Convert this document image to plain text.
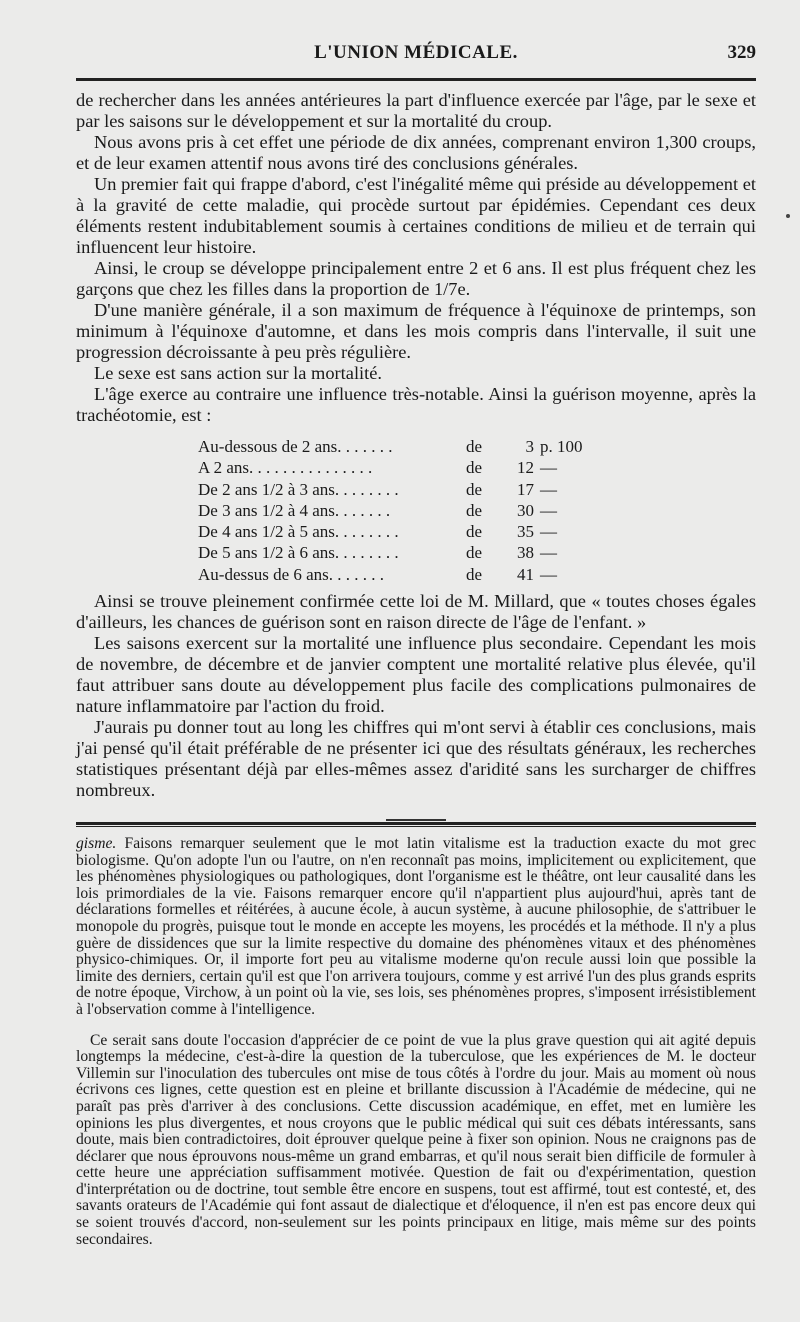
L'UNION MÉDICALE.	329

de rechercher dans les années antérieures la part d'influence exercée par l'âge, par le sexe et par les saisons sur le développement et sur la mortalité du croup.

Nous avons pris à cet effet une période de dix années, comprenant environ 1,300 croups, et de leur examen attentif nous avons tiré des conclusions générales.

Un premier fait qui frappe d'abord, c'est l'inégalité même qui préside au développement et à la gravité de cette maladie, qui procède surtout par épidémies. Cependant ces deux éléments restent indubitablement soumis à certaines conditions de milieu et de terrain qui influencent leur histoire.

Ainsi, le croup se développe principalement entre 2 et 6 ans. Il est plus fréquent chez les garçons que chez les filles dans la proportion de 1/7e.

D'une manière générale, il a son maximum de fréquence à l'équinoxe de printemps, son minimum à l'équinoxe d'automne, et dans les mois compris dans l'intervalle, il suit une progression décroissante à peu près régulière.

Le sexe est sans action sur la mortalité.

L'âge exerce au contraire une influence très-notable. Ainsi la guérison moyenne, après la trachéotomie, est :

Au-dessous de 2 ans. . . . . . .	de	3	p. 100
A 2 ans. . . . . . . . . . . . . . .	de	12	—
De 2 ans 1/2 à 3 ans. . . . . . . .	de	17	—
De 3 ans 1/2 à 4 ans. . . . . . .	de	30	—
De 4 ans 1/2 à 5 ans. . . . . . . .	de	35	—
De 5 ans 1/2 à 6 ans. . . . . . . .	de	38	—
Au-dessus de 6 ans. . . . . . .	de	41	—

Ainsi se trouve pleinement confirmée cette loi de M. Millard, que « toutes choses égales d'ailleurs, les chances de guérison sont en raison directe de l'âge de l'enfant. »

Les saisons exercent sur la mortalité une influence plus secondaire. Cependant les mois de novembre, de décembre et de janvier comptent une mortalité relative plus élevée, qu'il faut attribuer sans doute au développement plus facile des complications pulmonaires de nature inflammatoire par l'action du froid.

J'aurais pu donner tout au long les chiffres qui m'ont servi à établir ces conclusions, mais j'ai pensé qu'il était préférable de ne présenter ici que des résultats généraux, les recherches statistiques présentant déjà par elles-mêmes assez d'aridité sans les surcharger de chiffres nombreux.

gisme. Faisons remarquer seulement que le mot latin vitalisme est la traduction exacte du mot grec biologisme. Qu'on adopte l'un ou l'autre, on n'en reconnaît pas moins, implicitement ou explicitement, que les phénomènes physiologiques ou pathologiques, dont l'organisme est le théâtre, ont leur causalité dans les lois primordiales de la vie. Faisons remarquer encore qu'il n'appartient plus aujourd'hui, après tant de déclarations formelles et réitérées, à aucune école, à aucun système, à aucune philosophie, de s'attribuer le monopole du progrès, puisque tout le monde en accepte les moyens, les procédés et la méthode. Il n'y a plus guère de dissidences que sur la limite respective du domaine des phénomènes vitaux et des phénomènes physico-chimiques. Or, il importe fort peu au vitalisme moderne qu'on recule aussi loin que possible la limite des derniers, certain qu'il est que l'on arrivera toujours, comme y est arrivé l'un des plus grands esprits de notre époque, Virchow, à un point où la vie, ses lois, ses phénomènes propres, s'imposent irrésistiblement à l'observation comme à l'intelligence.

Ce serait sans doute l'occasion d'apprécier de ce point de vue la plus grave question qui ait agité depuis longtemps la médecine, c'est-à-dire la question de la tuberculose, que les expériences de M. le docteur Villemin sur l'inoculation des tubercules ont mise de tous côtés à l'ordre du jour. Mais au moment où nous écrivons ces lignes, cette question est en pleine et brillante discussion à l'Académie de médecine, qui ne paraît pas près d'arriver à des conclusions. Cette discussion académique, en effet, met en lumière les opinions les plus divergentes, et nous croyons que le public médical qui suit ces débats intéressants, sans doute, mais bien contradictoires, doit éprouver quelque peine à fixer son opinion. Nous ne craignons pas de déclarer que nous éprouvons nous-même un grand embarras, et qu'il nous serait bien difficile de formuler à cette heure une appréciation suffisamment motivée. Question de fait ou d'expérimentation, question d'interprétation ou de doctrine, tout semble être encore en suspens, tout est affirmé, tout est contesté, et, des savants orateurs de l'Académie qui font assaut de dialectique et d'éloquence, il n'en est pas encore deux qui se soient trouvés d'accord, non-seulement sur les points principaux en litige, mais même sur des points secondaires.
